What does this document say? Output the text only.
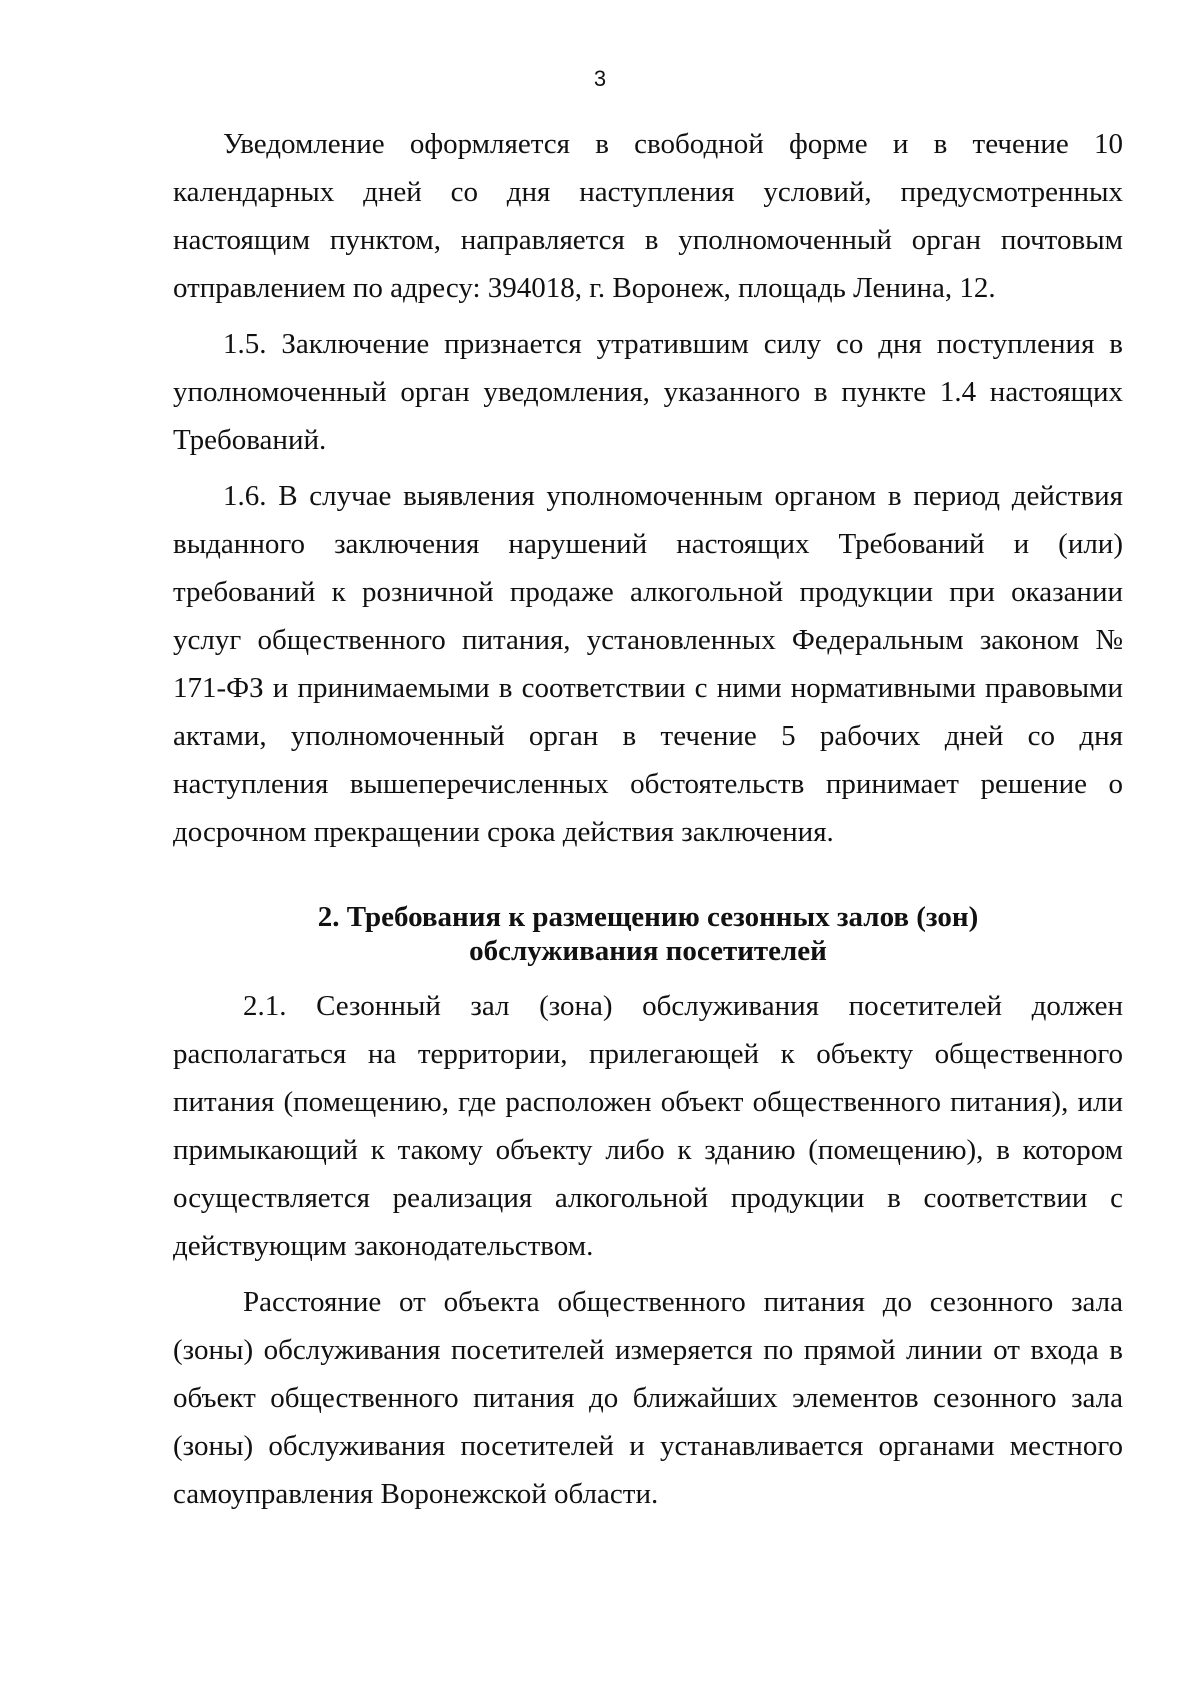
3

Уведомление оформляется в свободной форме и в течение 10 календарных дней со дня наступления условий, предусмотренных настоящим пунктом, направляется в уполномоченный орган почтовым отправлением по адресу: 394018, г. Воронеж, площадь Ленина, 12.

1.5. Заключение признается утратившим силу со дня поступления в уполномоченный орган уведомления, указанного в пункте 1.4 настоящих Требований.

1.6. В случае выявления уполномоченным органом в период действия выданного заключения нарушений настоящих Требований и (или) требований к розничной продаже алкогольной продукции при оказании услуг общественного питания, установленных Федеральным законом № 171-ФЗ и принимаемыми в соответствии с ними нормативными правовыми актами, уполномоченный орган в течение 5 рабочих дней со дня наступления вышеперечисленных обстоятельств принимает решение о досрочном прекращении срока действия заключения.

2. Требования к размещению сезонных залов (зон)
обслуживания посетителей

2.1. Сезонный зал (зона) обслуживания посетителей должен располагаться на территории, прилегающей к объекту общественного питания (помещению, где расположен объект общественного питания), или примыкающий к такому объекту либо к зданию (помещению), в котором осуществляется реализация алкогольной продукции в соответствии с действующим законодательством.

Расстояние от объекта общественного питания до сезонного зала (зоны) обслуживания посетителей измеряется по прямой линии от входа в объект общественного питания до ближайших элементов сезонного зала (зоны) обслуживания посетителей и устанавливается органами местного самоуправления Воронежской области.
